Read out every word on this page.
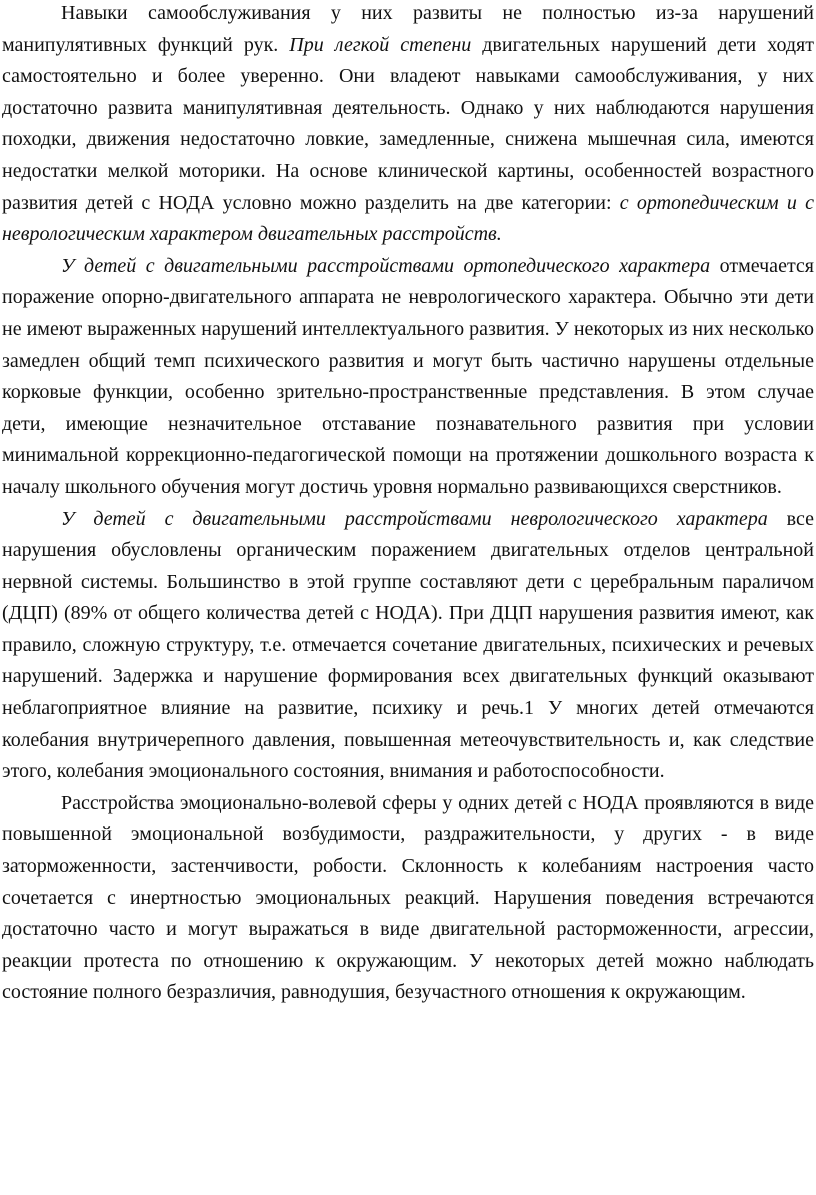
Навыки самообслуживания у них развиты не полностью из-за нарушений манипулятивных функций рук. При легкой степени двигательных нарушений дети ходят самостоятельно и более уверенно. Они владеют навыками самообслуживания, у них достаточно развита манипулятивная деятельность. Однако у них наблюдаются нарушения походки, движения недостаточно ловкие, замедленные, снижена мышечная сила, имеются недостатки мелкой моторики. На основе клинической картины, особенностей возрастного развития детей с НОДА условно можно разделить на две категории: с ортопедическим и с неврологическим характером двигательных расстройств.

У детей с двигательными расстройствами ортопедического характера отмечается поражение опорно-двигательного аппарата не неврологического характера. Обычно эти дети не имеют выраженных нарушений интеллектуального развития. У некоторых из них несколько замедлен общий темп психического развития и могут быть частично нарушены отдельные корковые функции, особенно зрительно-пространственные представления. В этом случае дети, имеющие незначительное отставание познавательного развития при условии минимальной коррекционно-педагогической помощи на протяжении дошкольного возраста к началу школьного обучения могут достичь уровня нормально развивающихся сверстников.

У детей с двигательными расстройствами неврологического характера все нарушения обусловлены органическим поражением двигательных отделов центральной нервной системы. Большинство в этой группе составляют дети с церебральным параличом (ДЦП) (89% от общего количества детей с НОДА). При ДЦП нарушения развития имеют, как правило, сложную структуру, т.е. отмечается сочетание двигательных, психических и речевых нарушений. Задержка и нарушение формирования всех двигательных функций оказывают неблагоприятное влияние на развитие, психику и речь.1 У многих детей отмечаются колебания внутричерепного давления, повышенная метеочувствительность и, как следствие этого, колебания эмоционального состояния, внимания и работоспособности.

Расстройства эмоционально-волевой сферы у одних детей с НОДА проявляются в виде повышенной эмоциональной возбудимости, раздражительности, у других - в виде заторможенности, застенчивости, робости. Склонность к колебаниям настроения часто сочетается с инертностью эмоциональных реакций. Нарушения поведения встречаются достаточно часто и могут выражаться в виде двигательной расторможенности, агрессии, реакции протеста по отношению к окружающим. У некоторых детей можно наблюдать состояние полного безразличия, равнодушия, безучастного отношения к окружающим.
